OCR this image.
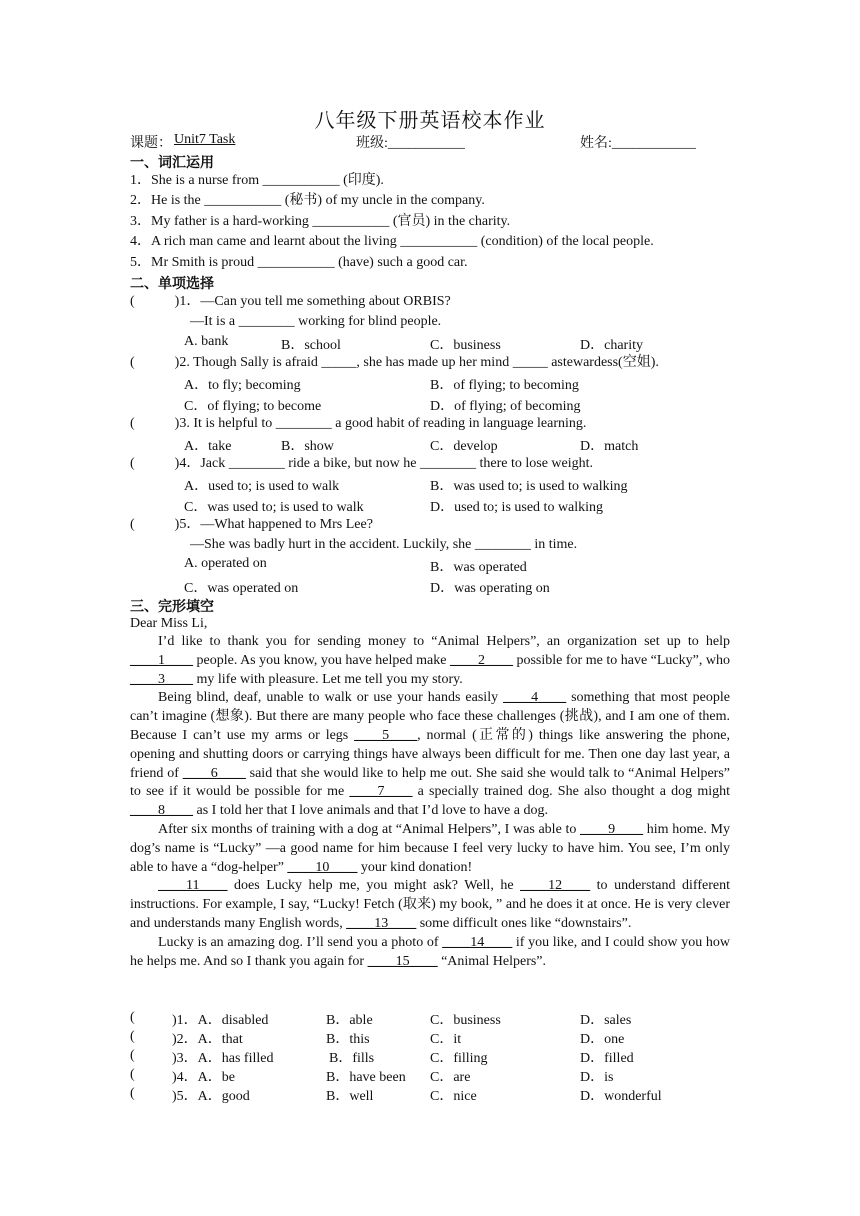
八年级下册英语校本作业
课题： Unit7 Task	班级:___________	姓名:____________
一、词汇运用
1．She is a nurse from ___________ (印度).
2．He is the ___________ (秘书) of my uncle in the company.
3．My father is a hard-working ___________ (官员) in the charity.
4．A rich man came and learnt about the living ___________ (condition) of the local people.
5．Mr Smith is proud ___________ (have) such a good car.
二、单项选择
(	)1．—Can you tell me something about ORBIS?
—It is a ________ working for blind people.
A. bank	B．school	C．business	D．charity
(	)2. Though Sally is afraid _____, she has made up her mind _____ astewardess(空姐).
A．to fly; becoming	B．of flying; to becoming
C．of flying; to become	D．of flying; of becoming
(	)3. It is helpful to ________ a good habit of reading in language learning.
A．take	B．show	C．develop	D．match
(	)4．Jack ________ ride a bike, but now he ________ there to lose weight.
A．used to; is used to walk	B．was used to; is used to walking
C．was used to; is used to walk	D．used to; is used to walking
(	)5．—What happened to Mrs Lee?
—She was badly hurt in the accident. Luckily, she ________ in time.
A. operated on	B．was operated
C．was operated on	D．was operating on
三、完形填空
Dear Miss Li,

I’d like to thank you for sending money to “Animal Helpers”, an organization set up to help ____1____ people. As you know, you have helped make ____2____ possible for me to have “Lucky”, who ____3____ my life with pleasure. Let me tell you my story.

Being blind, deaf, unable to walk or use your hands easily ____4____ something that most people can’t imagine (想象). But there are many people who face these challenges (挑战), and I am one of them. Because I can’t use my arms or legs ____5____, normal (正常的) things like answering the phone, opening and shutting doors or carrying things have always been difficult for me. Then one day last year, a friend of ____6____ said that she would like to help me out. She said she would talk to “Animal Helpers” to see if it would be possible for me ____7____ a specially trained dog. She also thought a dog might ____8____ as I told her that I love animals and that I’d love to have a dog.

After six months of training with a dog at “Animal Helpers”, I was able to ____9____ him home. My dog’s name is “Lucky” —a good name for him because I feel very lucky to have him. You see, I’m only able to have a “dog-helper” ____10____ your kind donation!

____11____ does Lucky help me, you might ask? Well, he ____12____ to understand different instructions. For example, I say, “Lucky! Fetch (取来) my book, ” and he does it at once. He is very clever and understands many English words, ____13____ some difficult ones like “downstairs”.

Lucky is an amazing dog. I’ll send you a photo of ____14____ if you like, and I could show you how he helps me. And so I thank you again for ____15____ “Animal Helpers”.

(	)1．A．disabled	B．able	C．business	D．sales
(	)2．A．that	B．this	C．it	D．one
(	)3．A．has filled	B．fills	C．filling	D．filled
(	)4．A．be	B．have been C．are	D．is
(	)5．A．good	B．well	C．nice	D．wonderful
